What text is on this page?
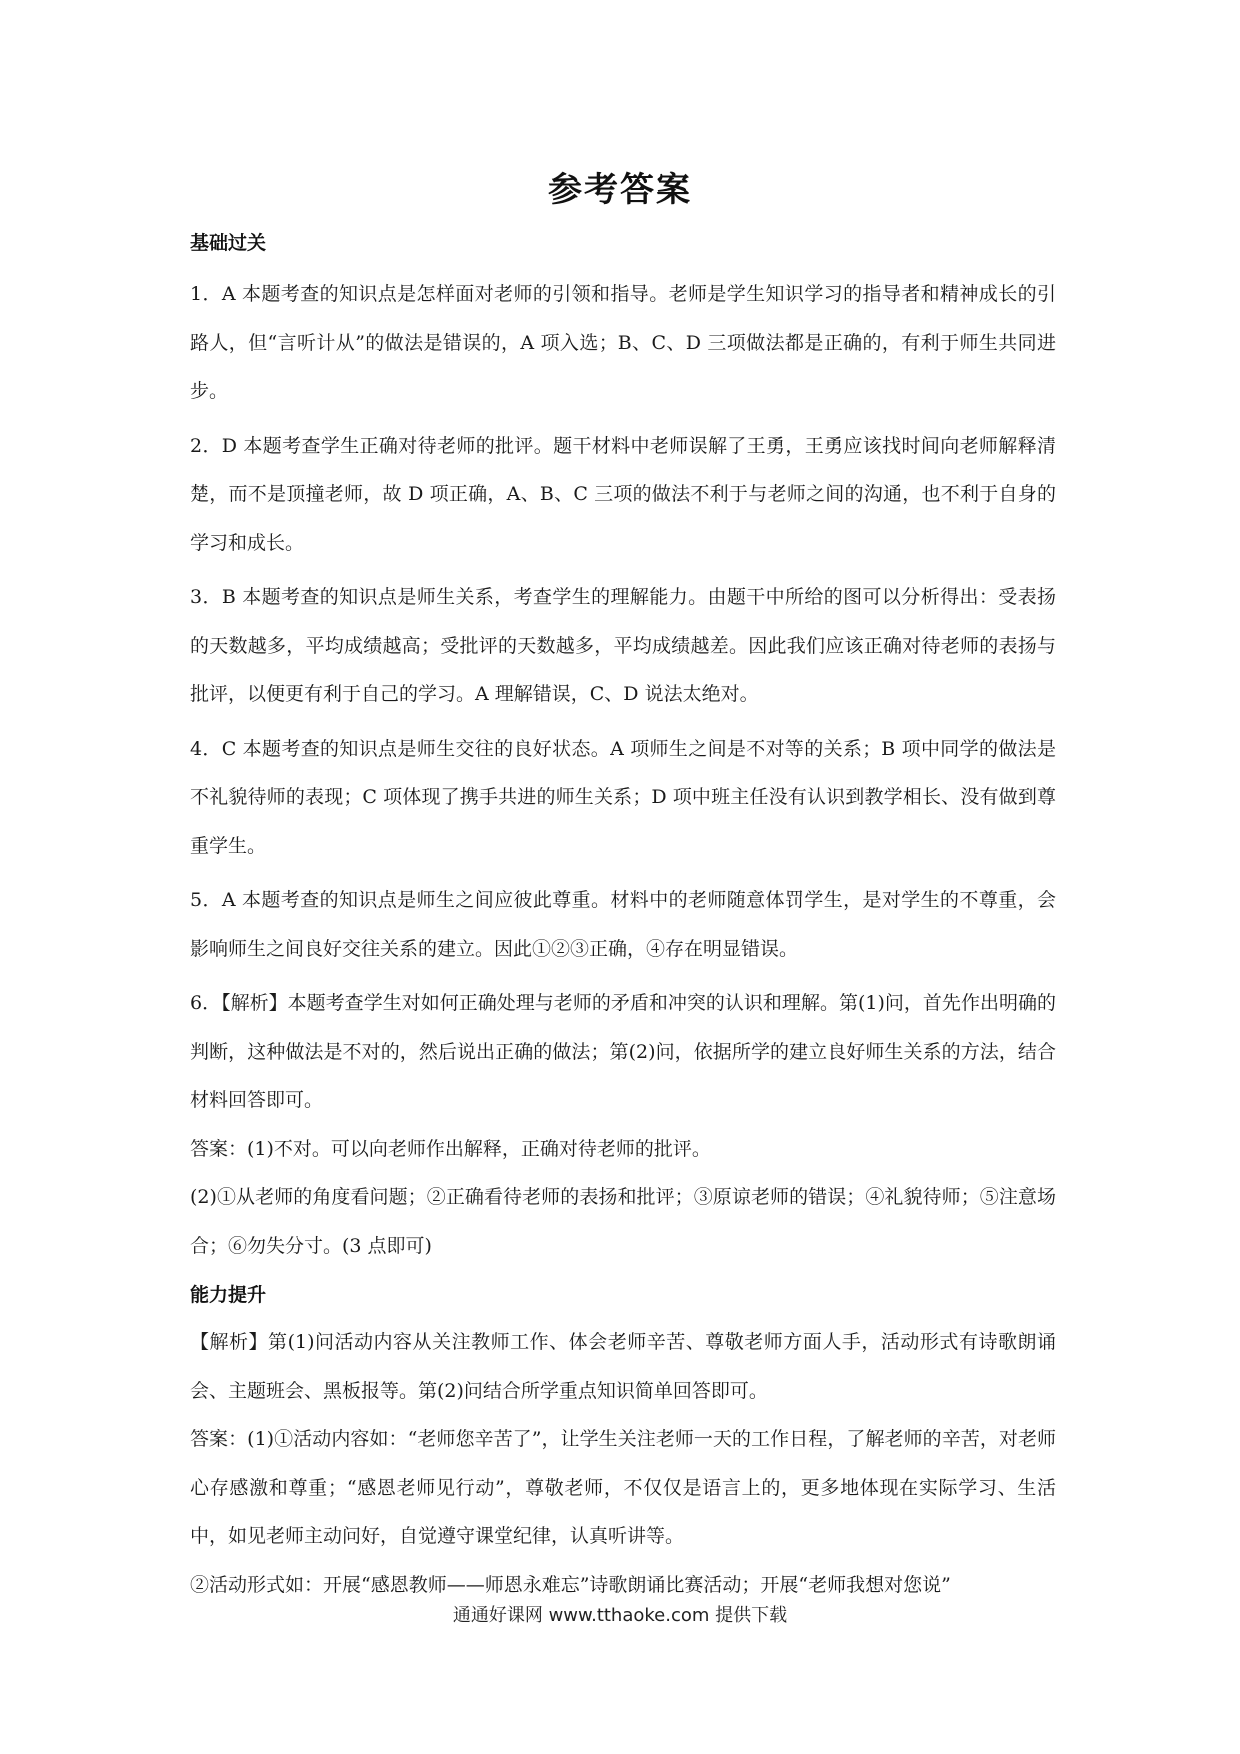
参考答案
基础过关

1．A 本题考查的知识点是怎样面对老师的引领和指导。老师是学生知识学习的指导者和精神成长的引路人，但“言听计从”的做法是错误的，A 项入选；B、C、D 三项做法都是正确的，有利于师生共同进步。

2．D 本题考查学生正确对待老师的批评。题干材料中老师误解了王勇，王勇应该找时间向老师解释清楚，而不是顶撞老师，故 D 项正确，A、B、C 三项的做法不利于与老师之间的沟通，也不利于自身的学习和成长。

3．B 本题考查的知识点是师生关系，考查学生的理解能力。由题干中所给的图可以分析得出：受表扬的天数越多，平均成绩越高；受批评的天数越多，平均成绩越差。因此我们应该正确对待老师的表扬与批评，以便更有利于自己的学习。A 理解错误，C、D 说法太绝对。

4．C 本题考查的知识点是师生交往的良好状态。A 项师生之间是不对等的关系；B 项中同学的做法是不礼貌待师的表现；C 项体现了携手共进的师生关系；D 项中班主任没有认识到教学相长、没有做到尊重学生。

5．A 本题考查的知识点是师生之间应彼此尊重。材料中的老师随意体罚学生，是对学生的不尊重，会影响师生之间良好交往关系的建立。因此①②③正确，④存在明显错误。

6．【解析】本题考查学生对如何正确处理与老师的矛盾和冲突的认识和理解。第(1)问，首先作出明确的判断，这种做法是不对的，然后说出正确的做法；第(2)问，依据所学的建立良好师生关系的方法，结合材料回答即可。

答案：(1)不对。可以向老师作出解释，正确对待老师的批评。

(2)①从老师的角度看问题；②正确看待老师的表扬和批评；③原谅老师的错误；④礼貌待师；⑤注意场合；⑥勿失分寸。(3 点即可)

能力提升

【解析】第(1)问活动内容从关注教师工作、体会老师辛苦、尊敬老师方面人手，活动形式有诗歌朗诵会、主题班会、黑板报等。第(2)问结合所学重点知识简单回答即可。

答案：(1)①活动内容如：“老师您辛苦了”，让学生关注老师一天的工作日程，了解老师的辛苦，对老师心存感激和尊重；“感恩老师见行动”，尊敬老师，不仅仅是语言上的，更多地体现在实际学习、生活中，如见老师主动问好，自觉遵守课堂纪律，认真听讲等。

②活动形式如：开展“感恩教师——师恩永难忘”诗歌朗诵比赛活动；开展“老师我想对您说”

通通好课网 www.tthaoke.com 提供下载
